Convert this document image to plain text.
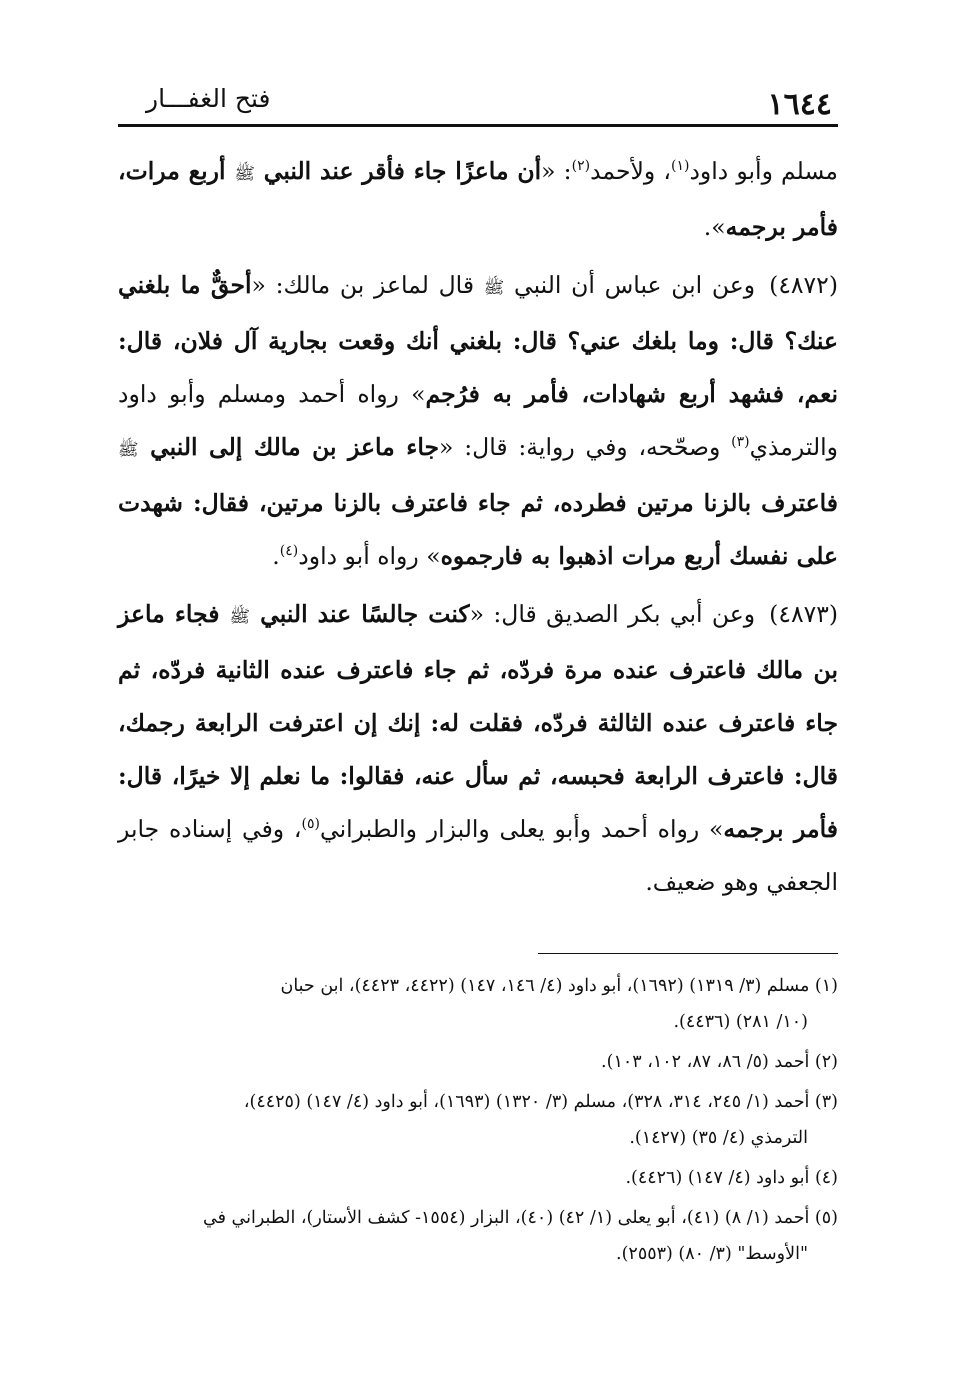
١٦٤٤
فتح الغفـــار

مسلم وأبو داود$^{(١)}$، ولأحمد$^{(٢)}$: «أن ماعزًا جاء فأقر عند النبي ﷺ أربع مرات، فأمر برجمه».

(٤٨٧٢)وعن ابن عباس أن النبي ﷺ قال لماعز بن مالك: «أحقٌّ ما بلغني عنك؟ قال: وما بلغك عني؟ قال: بلغني أنك وقعت بجارية آل فلان، قال: نعم، فشهد أربع شهادات، فأمر به فرُجم» رواه أحمد ومسلم وأبو داود والترمذي$^{(٣)}$ وصحّحه، وفي رواية: قال: «جاء ماعز بن مالك إلى النبي ﷺ فاعترف بالزنا مرتين فطرده، ثم جاء فاعترف بالزنا مرتين، فقال: شهدت على نفسك أربع مرات اذهبوا به فارجموه» رواه أبو داود$^{(٤)}$.

(٤٨٧٣)وعن أبي بكر الصديق قال: «كنت جالسًا عند النبي ﷺ فجاء ماعز بن مالك فاعترف عنده مرة فردّه، ثم جاء فاعترف عنده الثانية فردّه، ثم جاء فاعترف عنده الثالثة فردّه، فقلت له: إنك إن اعترفت الرابعة رجمك، قال: فاعترف الرابعة فحبسه، ثم سأل عنه، فقالوا: ما نعلم إلا خيرًا، قال: فأمر برجمه» رواه أحمد وأبو يعلى والبزار والطبراني$^{(٥)}$، وفي إسناده جابر الجعفي وهو ضعيف.

(١) مسلم (٣/ ١٣١٩) (١٦٩٢)، أبو داود (٤/ ١٤٦، ١٤٧) (٤٤٢٢، ٤٤٢٣)، ابن حبان
(١٠/ ٢٨١) (٤٤٣٦).
(٢) أحمد (٥/ ٨٦، ٨٧، ١٠٢، ١٠٣).
(٣) أحمد (١/ ٢٤٥، ٣١٤، ٣٢٨)، مسلم (٣/ ١٣٢٠) (١٦٩٣)، أبو داود (٤/ ١٤٧) (٤٤٢٥)،
الترمذي (٤/ ٣٥) (١٤٢٧).
(٤) أبو داود (٤/ ١٤٧) (٤٤٢٦).
(٥) أحمد (١/ ٨) (٤١)، أبو يعلى (١/ ٤٢) (٤٠)، البزار (١٥٥٤- كشف الأستار)، الطبراني في
"الأوسط" (٣/ ٨٠) (٢٥٥٣).
